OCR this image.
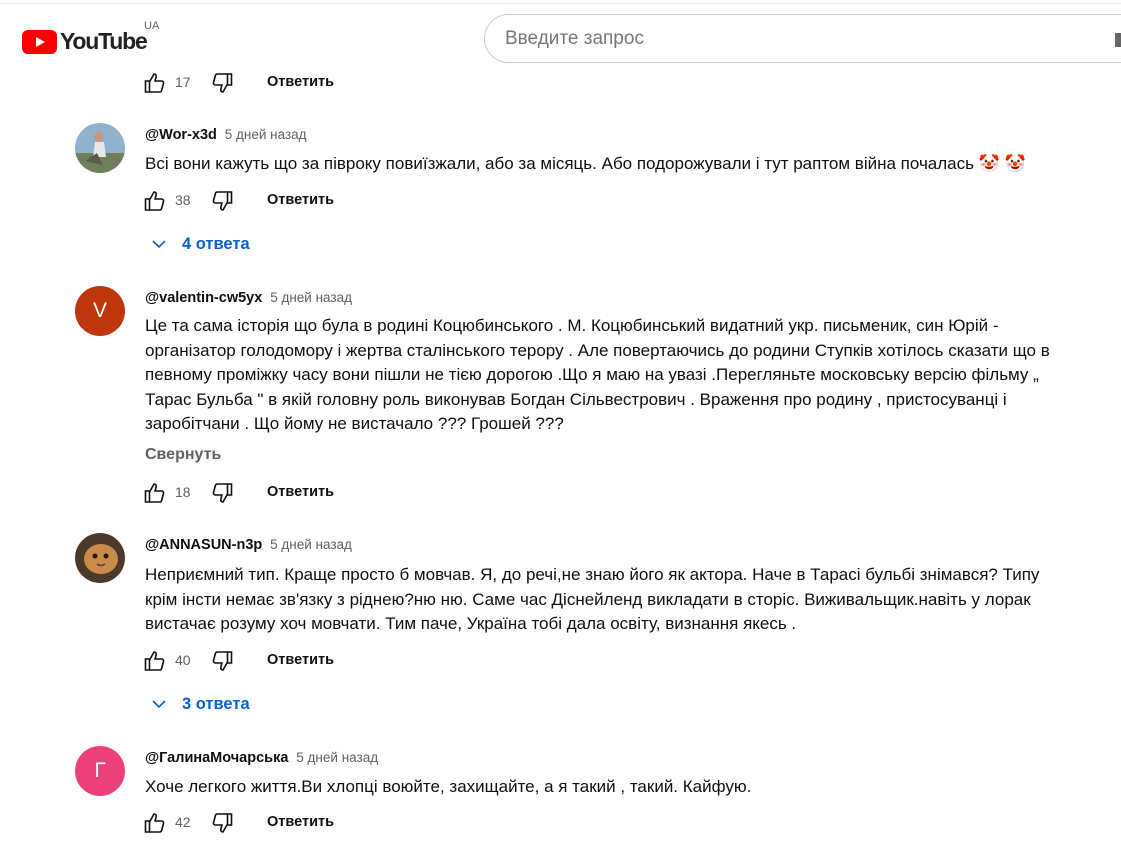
YouTube
UA
Введите запрос
17	Ответить
@Wor-x3d 5 дней назад
Всі вони кажуть що за півроку повиїзжали, або за місяць. Або подорожували і тут раптом війна почалась 🤡 🤡
38	Ответить
4 ответа
V
@valentin-cw5yx 5 дней назад
Це та сама історія що була в родині Коцюбинського . М. Коцюбинський видатний укр. письменик, син Юрій -
організатор голодомору і жертва сталінського терору . Але повертаючись до родини Ступків хотілось сказати що в
певному проміжку часу вони пішли не тією дорогою .Що я маю на увазі .Перегляньте московську версію фільму „
Тарас Бульба " в якій головну роль виконував Богдан Сільвестрович . Враження про родину , пристосуванці і
заробітчани . Що йому не вистачало ??? Грошей ???
Свернуть
18	Ответить
@ANNASUN-n3p 5 дней назад
Неприємний тип. Краще просто б мовчав. Я, до речі,не знаю його як актора. Наче в Тарасі бульбі знімався? Типу
крім інсти немає зв'язку з ріднею?ню ню. Саме час Діснейленд викладати в сторіс. Виживальщик.навіть у лорак
вистачає розуму хоч мовчати. Тим паче, Україна тобі дала освіту, визнання якесь .
40	Ответить
3 ответа
Г
@ГалинаМочарська 5 дней назад
Хоче легкого життя.Ви хлопці воюйте, захищайте, а я такий , такий. Кайфую.
42	Ответить
